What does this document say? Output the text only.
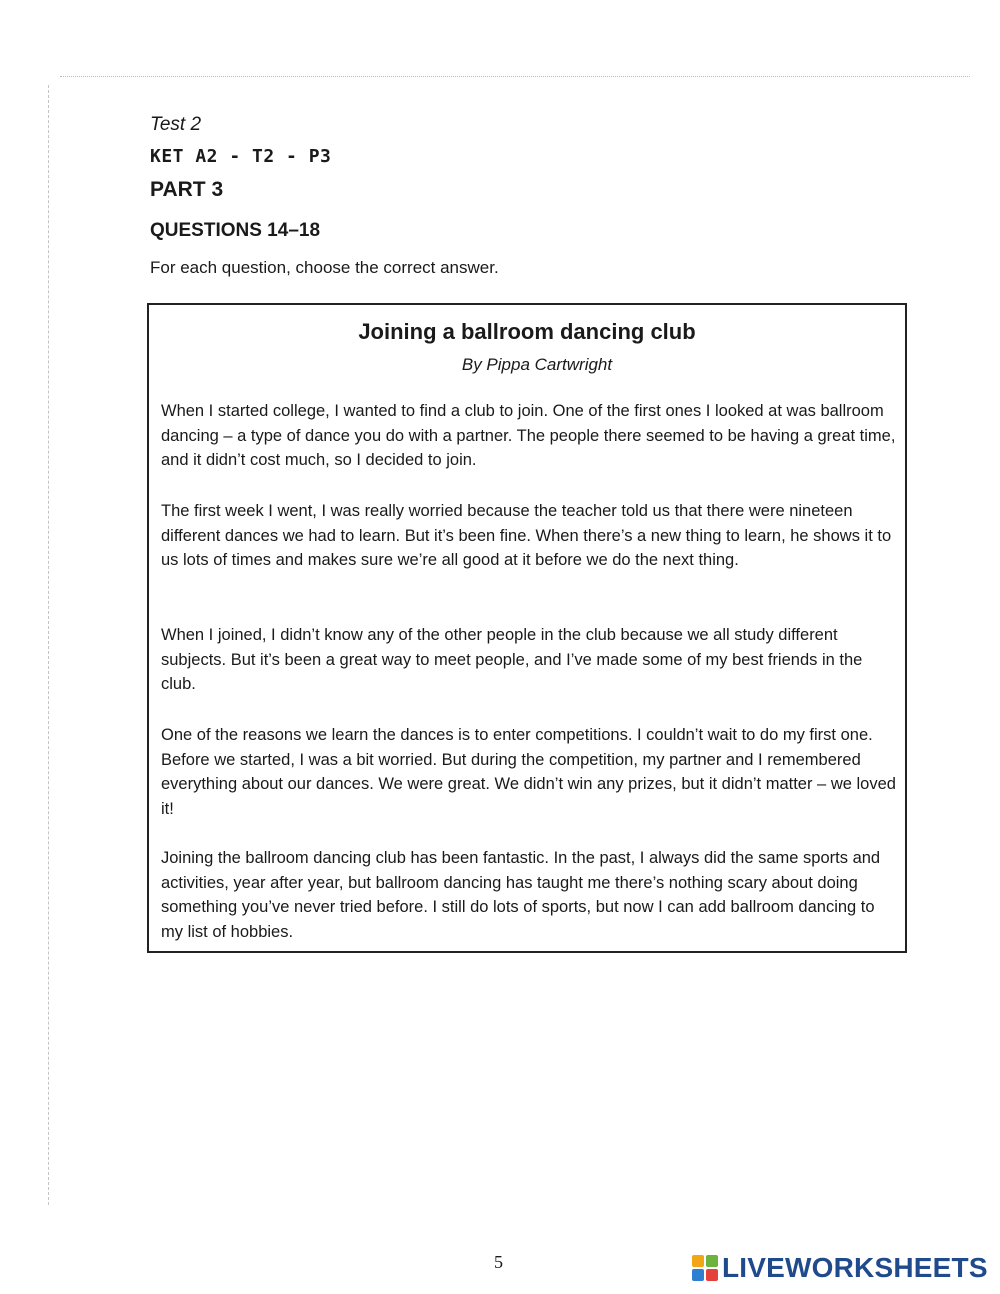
Test 2
KET A2 - T2 - P3
PART 3
QUESTIONS 14–18
For each question, choose the correct answer.
Joining a ballroom dancing club
By Pippa Cartwright

When I started college, I wanted to find a club to join. One of the first ones I looked at was ballroom dancing – a type of dance you do with a partner. The people there seemed to be having a great time, and it didn’t cost much, so I decided to join.

The first week I went, I was really worried because the teacher told us that there were nineteen different dances we had to learn. But it’s been fine. When there’s a new thing to learn, he shows it to us lots of times and makes sure we’re all good at it before we do the next thing.

When I joined, I didn’t know any of the other people in the club because we all study different subjects. But it’s been a great way to meet people, and I’ve made some of my best friends in the club.

One of the reasons we learn the dances is to enter competitions. I couldn’t wait to do my first one. Before we started, I was a bit worried. But during the competition, my partner and I remembered everything about our dances. We were great. We didn’t win any prizes, but it didn’t matter – we loved it!

Joining the ballroom dancing club has been fantastic. In the past, I always did the same sports and activities, year after year, but ballroom dancing has taught me there’s nothing scary about doing something you’ve never tried before. I still do lots of sports, but now I can add ballroom dancing to my list of hobbies.

5	LIVEWORKSHEETS
